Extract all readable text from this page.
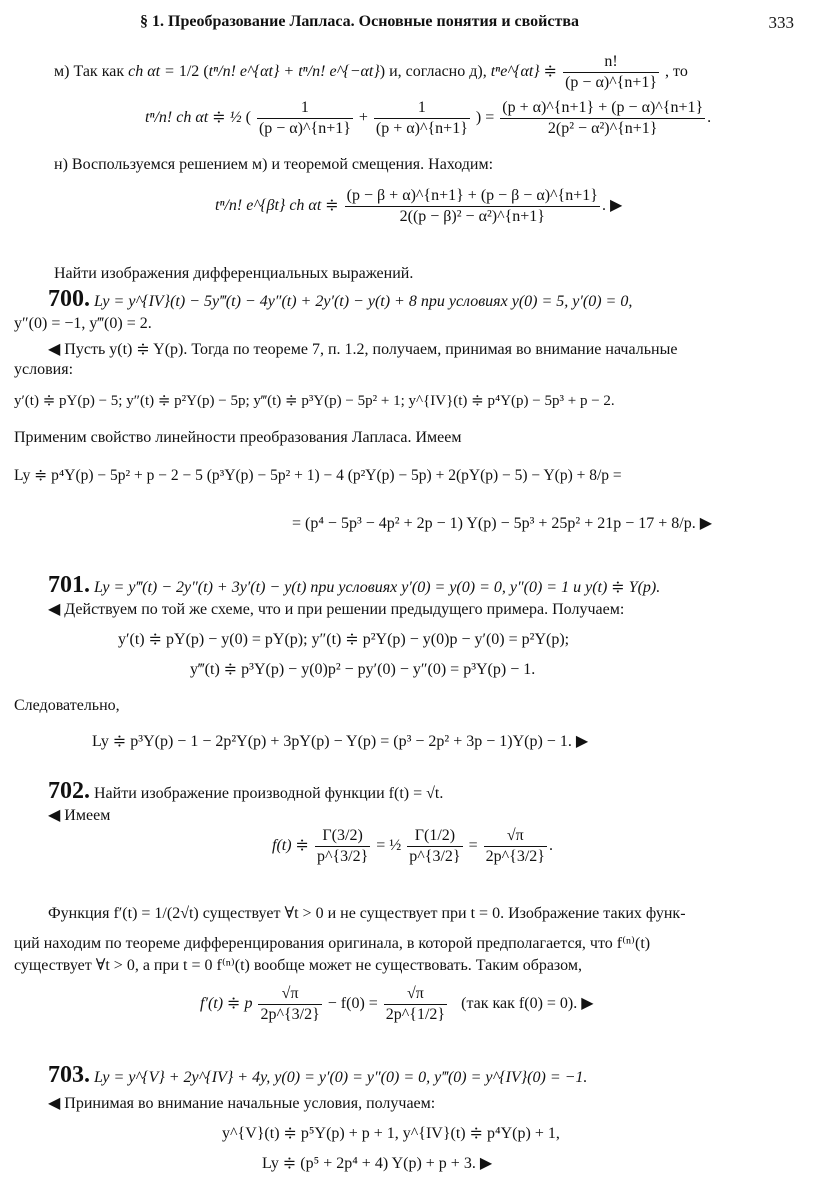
§ 1. Преобразование Лапласа. Основные понятия и свойства	333
м) Так как ch αt = 1/2 (tⁿ/n! e^{αt} + tⁿ/n! e^{−αt}) и, согласно д), tⁿe^{αt} ≑ $\frac{n!}{(p - \alpha)\^{}\{n+1\}}$ , то
tⁿ/n! ch αt ≑ ½ ( $\frac{1}{(p - \alpha)\^{}\{n+1\}} + \frac{1}{(p + \alpha)\^{}\{n+1\}}$ ) = $\frac{(p + \alpha)\^{}\{n+1\} + (p - \alpha)\^{}\{n+1\}}{\text{2(p² − α²)\textasciicircum{}\{n+1\}}}$ .
н) Воспользуемся решением м) и теоремой смещения. Находим:
tⁿ/n! e^{βt} ch αt ≑ $\frac{(p - \beta + \alpha)\^{}\{n+1\} + (p - \beta - \alpha)\^{}\{n+1\}}{\text{2((p − β)² − α²)\textasciicircum{}\{n+1\}}}$ . ▶
Найти изображения дифференциальных выражений.
700. Ly = y^{IV}(t) − 5y‴(t) − 4y″(t) + 2y′(t) − y(t) + 8 при условиях y(0) = 5, y′(0) = 0,
y″(0) = −1, y‴(0) = 2.
◀ Пусть y(t) ≑ Y(p). Тогда по теореме 7, п. 1.2, получаем, принимая во внимание начальные
условия:
y′(t) ≑ pY(p) − 5; y″(t) ≑ p²Y(p) − 5p; y‴(t) ≑ p³Y(p) − 5p² + 1; y^{IV}(t) ≑ p⁴Y(p) − 5p³ + p − 2.
Применим свойство линейности преобразования Лапласа. Имеем
Ly ≑ p⁴Y(p) − 5p² + p − 2 − 5 (p³Y(p) − 5p² + 1) − 4 (p²Y(p) − 5p) + 2(pY(p) − 5) − Y(p) + 8/p =
= (p⁴ − 5p³ − 4p² + 2p − 1) Y(p) − 5p³ + 25p² + 21p − 17 + 8/p. ▶
701. Ly = y‴(t) − 2y″(t) + 3y′(t) − y(t) при условиях y′(0) = y(0) = 0, y″(0) = 1 и y(t) ≑ Y(p).
◀ Действуем по той же схеме, что и при решении предыдущего примера. Получаем:
y′(t) ≑ pY(p) − y(0) = pY(p); y″(t) ≑ p²Y(p) − y(0)p − y′(0) = p²Y(p);
y‴(t) ≑ p³Y(p) − y(0)p² − py′(0) − y″(0) = p³Y(p) − 1.
Следовательно,
Ly ≑ p³Y(p) − 1 − 2p²Y(p) + 3pY(p) − Y(p) = (p³ − 2p² + 3p − 1)Y(p) − 1. ▶
702. Найти изображение производной функции f(t) = √t.
◀ Имеем
f(t) ≑ $\frac{\Gamma(3/2)}{p\^{}\{3/2\}}$ = ½ $\frac{\Gamma(1/2)}{p\^{}\{3/2\}} = \frac{√\pi}{2p\^{}\{3/2\}}$ .
Функция f′(t) = 1/(2√t) существует ∀t > 0 и не существует при t = 0. Изображение таких функ-
ций находим по теореме дифференцирования оригинала, в которой предполагается, что f⁽ⁿ⁾(t)
существует ∀t > 0, а при t = 0 f⁽ⁿ⁾(t) вообще может не существовать. Таким образом,
f′(t) ≑ p $\frac{√\pi}{2p\^{}\{3/2\}} - f(0) = \frac{√\pi}{2p\^{}\{1/2\}} (так$ как f(0) = 0). ▶
703. Ly = y^{V} + 2y^{IV} + 4y, y(0) = y′(0) = y″(0) = 0, y‴(0) = y^{IV}(0) = −1.
◀ Принимая во внимание начальные условия, получаем:
y^{V}(t) ≑ p⁵Y(p) + p + 1, y^{IV}(t) ≑ p⁴Y(p) + 1,
Ly ≑ (p⁵ + 2p⁴ + 4) Y(p) + p + 3. ▶
